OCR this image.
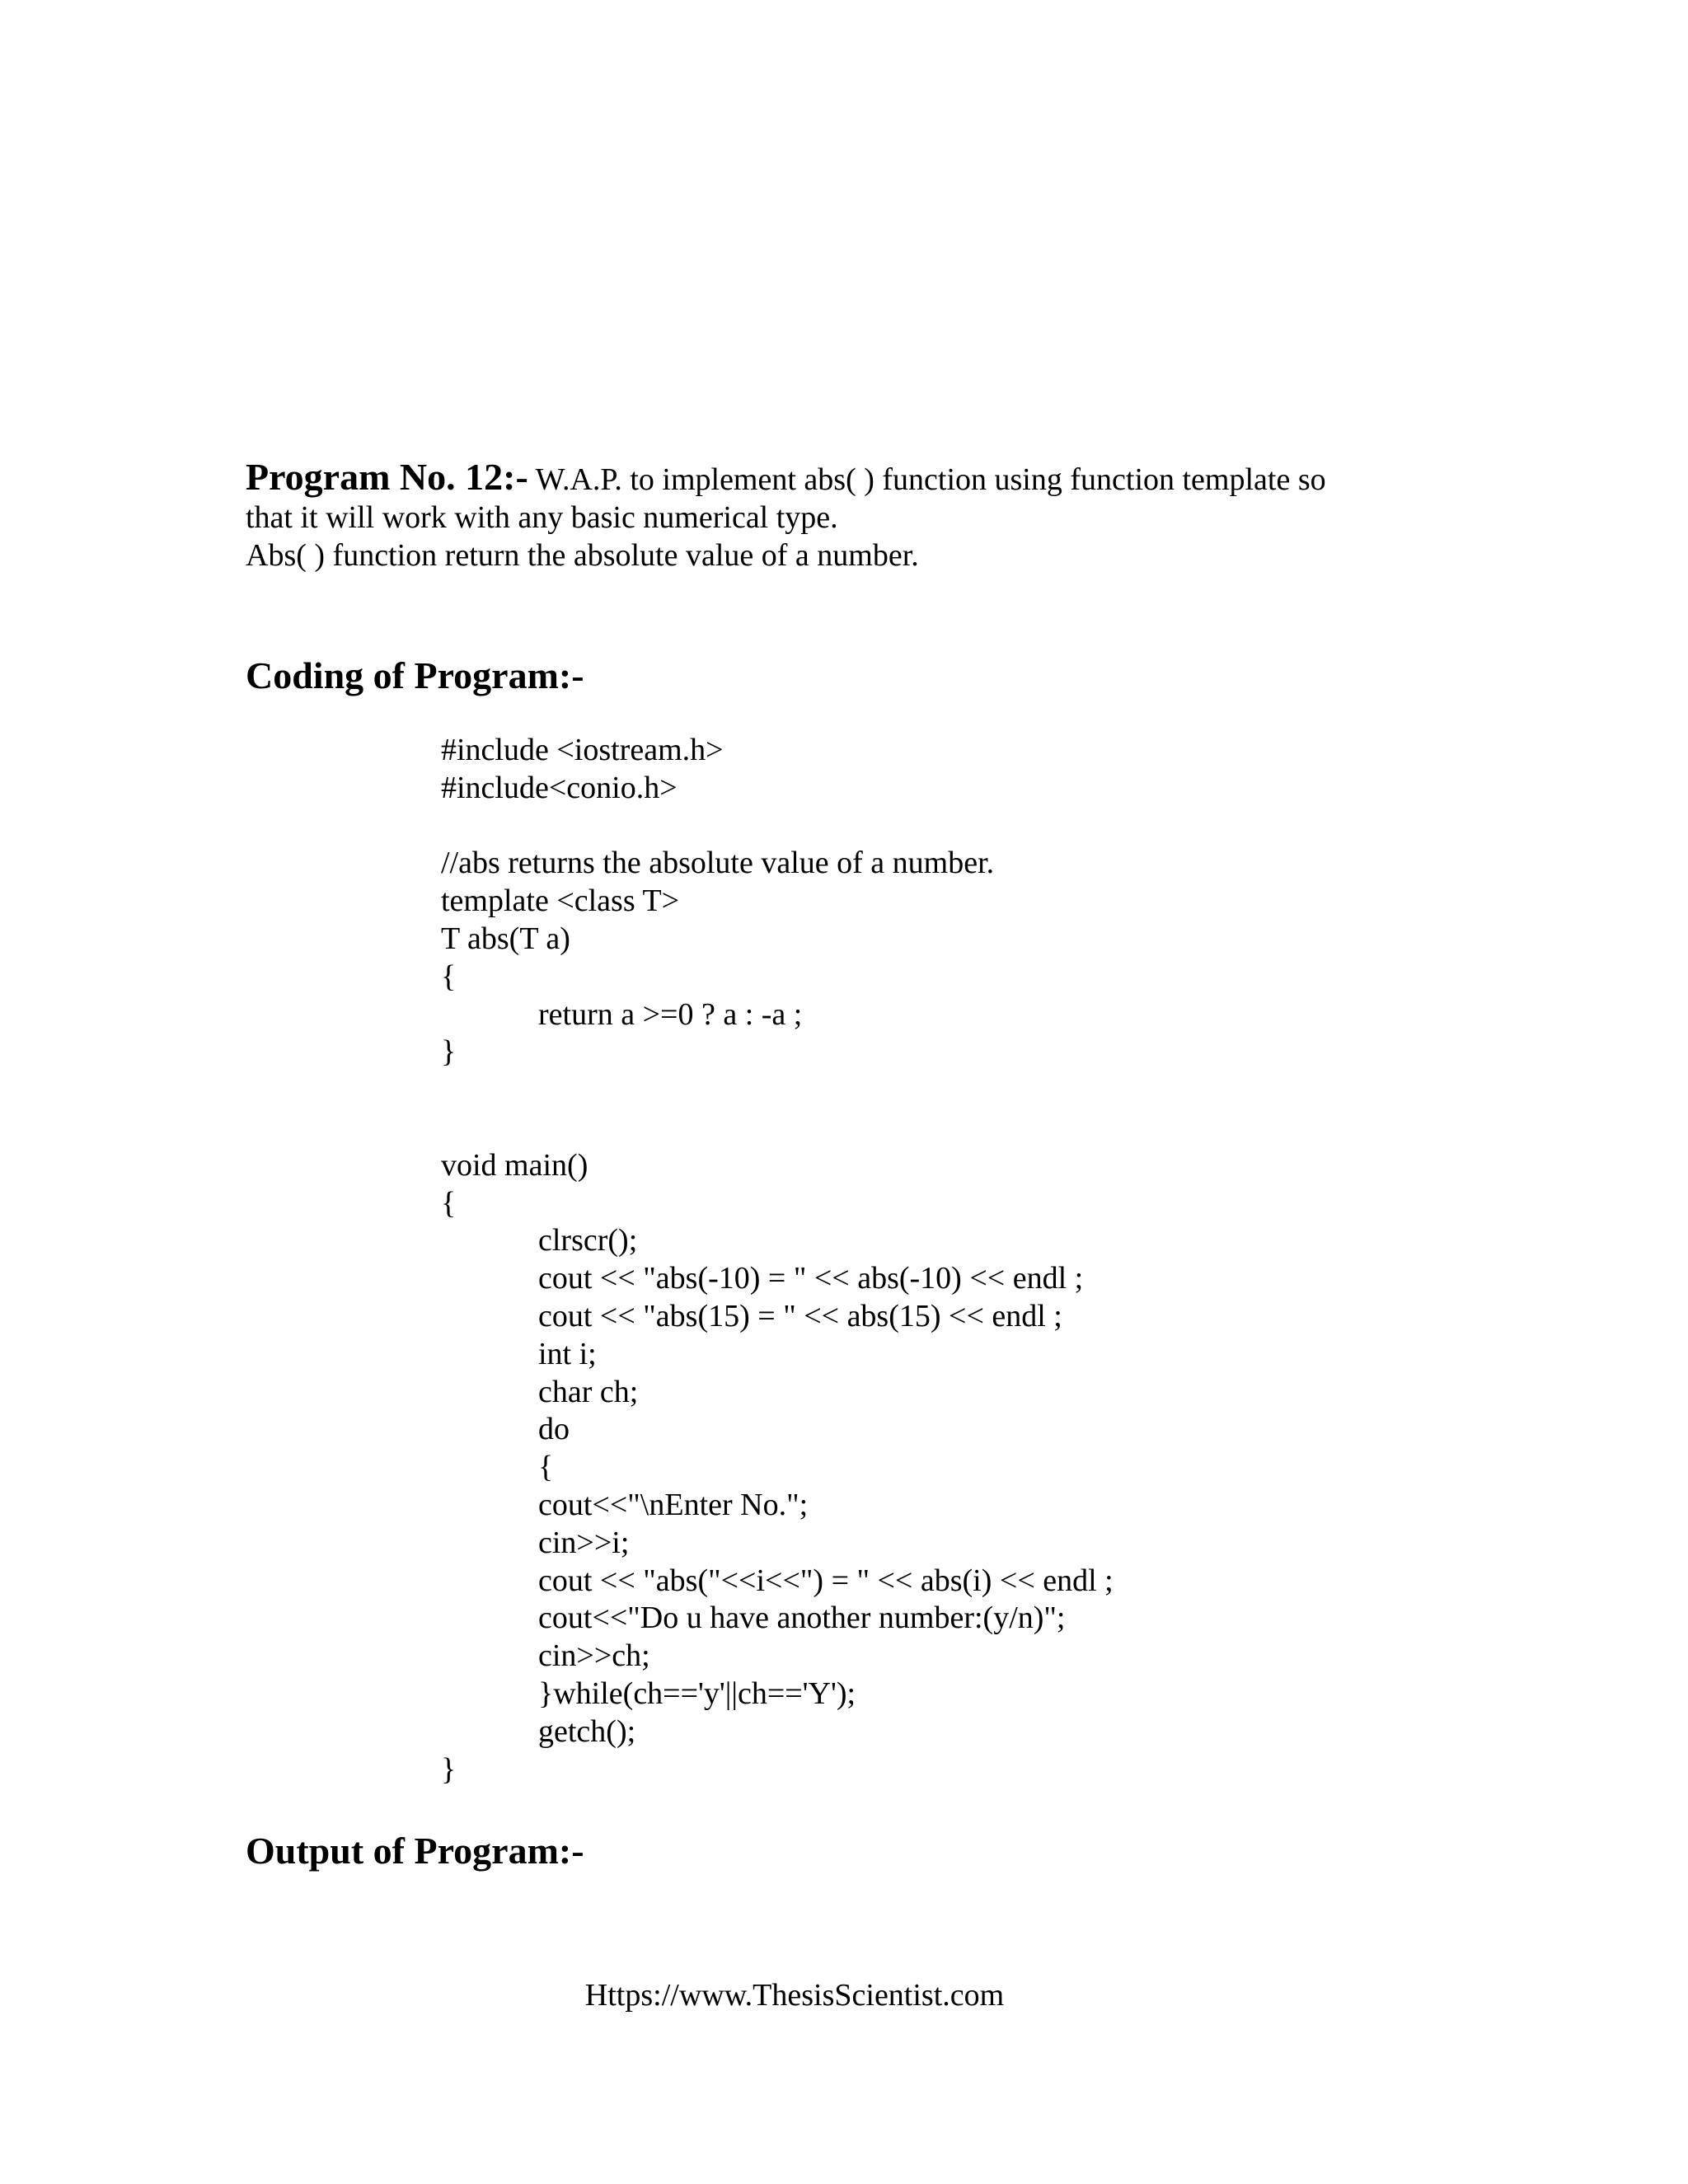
Program No. 12:- W.A.P. to implement abs( ) function using function template so

that it will work with any basic numerical type.

Abs( ) function return the absolute value of a number.

Coding of Program:-
#include <iostream.h>
#include<conio.h>
//abs returns the absolute value of a number.
template <class T>
T abs(T a)
{
return a >=0 ? a : -a ;
}
void main()
{
clrscr();
cout << "abs(-10) = " << abs(-10) << endl ;
cout << "abs(15) = " << abs(15) << endl ;
int i;
char ch;
do
{
cout<<"\nEnter No.";
cin>>i;
cout << "abs("<<i<<") = " << abs(i) << endl ;
cout<<"Do u have another number:(y/n)";
cin>>ch;
}while(ch=='y'||ch=='Y');
getch();
}
Output of Program:-
Https://www.ThesisScientist.com
